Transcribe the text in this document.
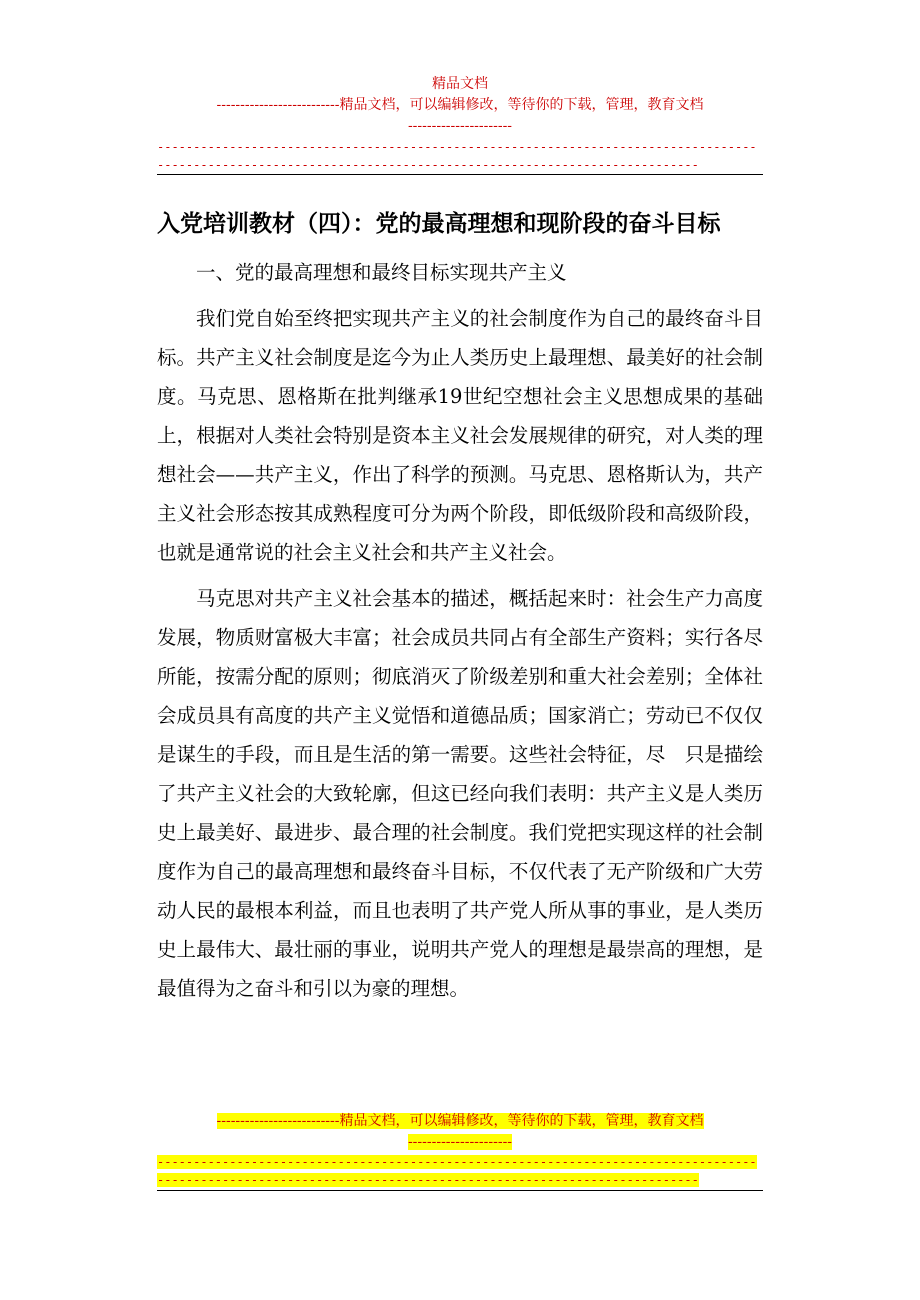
精品文档
--------------------------精品文档，可以编辑修改，等待你的下载，管理，教育文档
----------------------
--------------------------------------------------------------------------------------------------------------------------------------------------------------
入党培训教材（四）：党的最高理想和现阶段的奋斗目标

一、党的最高理想和最终目标实现共产主义

我们党自始至终把实现共产主义的社会制度作为自己的最终奋斗目标。共产主义社会制度是迄今为止人类历史上最理想、最美好的社会制度。马克思、恩格斯在批判继承19世纪空想社会主义思想成果的基础上，根据对人类社会特别是资本主义社会发展规律的研究，对人类的理想社会——共产主义，作出了科学的预测。马克思、恩格斯认为，共产主义社会形态按其成熟程度可分为两个阶段，即低级阶段和高级阶段，也就是通常说的社会主义社会和共产主义社会。

马克思对共产主义社会基本的描述，概括起来时：社会生产力高度发展，物质财富极大丰富；社会成员共同占有全部生产资料；实行各尽所能，按需分配的原则；彻底消灭了阶级差别和重大社会差别；全体社会成员具有高度的共产主义觉悟和道德品质；国家消亡；劳动已不仅仅是谋生的手段，而且是生活的第一需要。这些社会特征，尽　只是描绘了共产主义社会的大致轮廓，但这已经向我们表明：共产主义是人类历史上最美好、最进步、最合理的社会制度。我们党把实现这样的社会制度作为自己的最高理想和最终奋斗目标，不仅代表了无产阶级和广大劳动人民的最根本利益，而且也表明了共产党人所从事的事业，是人类历史上最伟大、最壮丽的事业，说明共产党人的理想是最崇高的理想，是最值得为之奋斗和引以为豪的理想。

--------------------------精品文档，可以编辑修改，等待你的下载，管理，教育文档
----------------------
--------------------------------------------------------------------------------------------------------------------------------------------------------------
